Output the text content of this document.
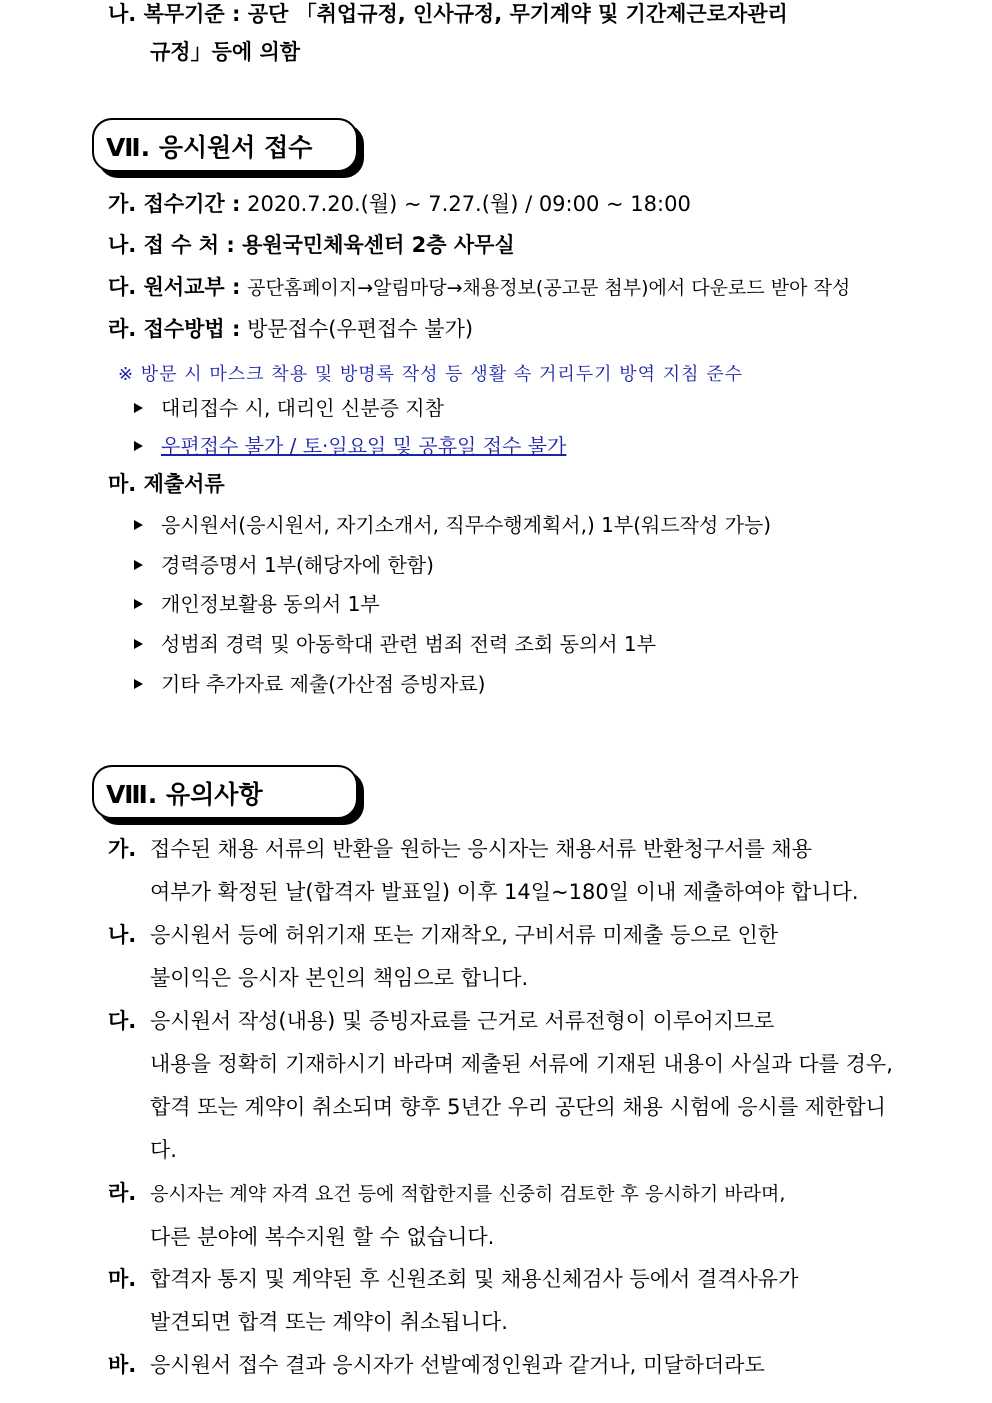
나. 복무기준 : 공단 「취업규정, 인사규정, 무기계약 및 기간제근로자관리
규정」등에 의함
Ⅶ. 응시원서 접수
가. 접수기간 : 2020.7.20.(월) ~ 7.27.(월) / 09:00 ~ 18:00
나. 접 수 처 : 용원국민체육센터 2층 사무실
다. 원서교부 : 공단홈페이지→알림마당→채용정보(공고문 첨부)에서 다운로드 받아 작성
라. 접수방법 : 방문접수(우편접수 불가)
※ 방문 시 마스크 착용 및 방명록 작성 등 생활 속 거리두기 방역 지침 준수
대리접수 시, 대리인 신분증 지참
우편접수 불가 / 토·일요일 및 공휴일 접수 불가
마. 제출서류
응시원서(응시원서, 자기소개서, 직무수행계획서,) 1부(워드작성 가능)
경력증명서 1부(해당자에 한함)
개인정보활용 동의서 1부
성범죄 경력 및 아동학대 관련 범죄 전력 조회 동의서 1부
기타 추가자료 제출(가산점 증빙자료)
Ⅷ. 유의사항
가. 접수된 채용 서류의 반환을 원하는 응시자는 채용서류 반환청구서를 채용
여부가 확정된 날(합격자 발표일) 이후 14일~180일 이내 제출하여야 합니다.
나. 응시원서 등에 허위기재 또는 기재착오, 구비서류 미제출 등으로 인한
불이익은 응시자 본인의 책임으로 합니다.
다. 응시원서 작성(내용) 및 증빙자료를 근거로 서류전형이 이루어지므로
내용을 정확히 기재하시기 바라며 제출된 서류에 기재된 내용이 사실과 다를 경우, 합격 또는 계약이 취소되며 향후 5년간 우리 공단의 채용 시험에 응시를 제한합니다.
라. 응시자는 계약 자격 요건 등에 적합한지를 신중히 검토한 후 응시하기 바라며,
다른 분야에 복수지원 할 수 없습니다.
마. 합격자 통지 및 계약된 후 신원조회 및 채용신체검사 등에서 결격사유가
발견되면 합격 또는 계약이 취소됩니다.
바. 응시원서 접수 결과 응시자가 선발예정인원과 같거나, 미달하더라도
